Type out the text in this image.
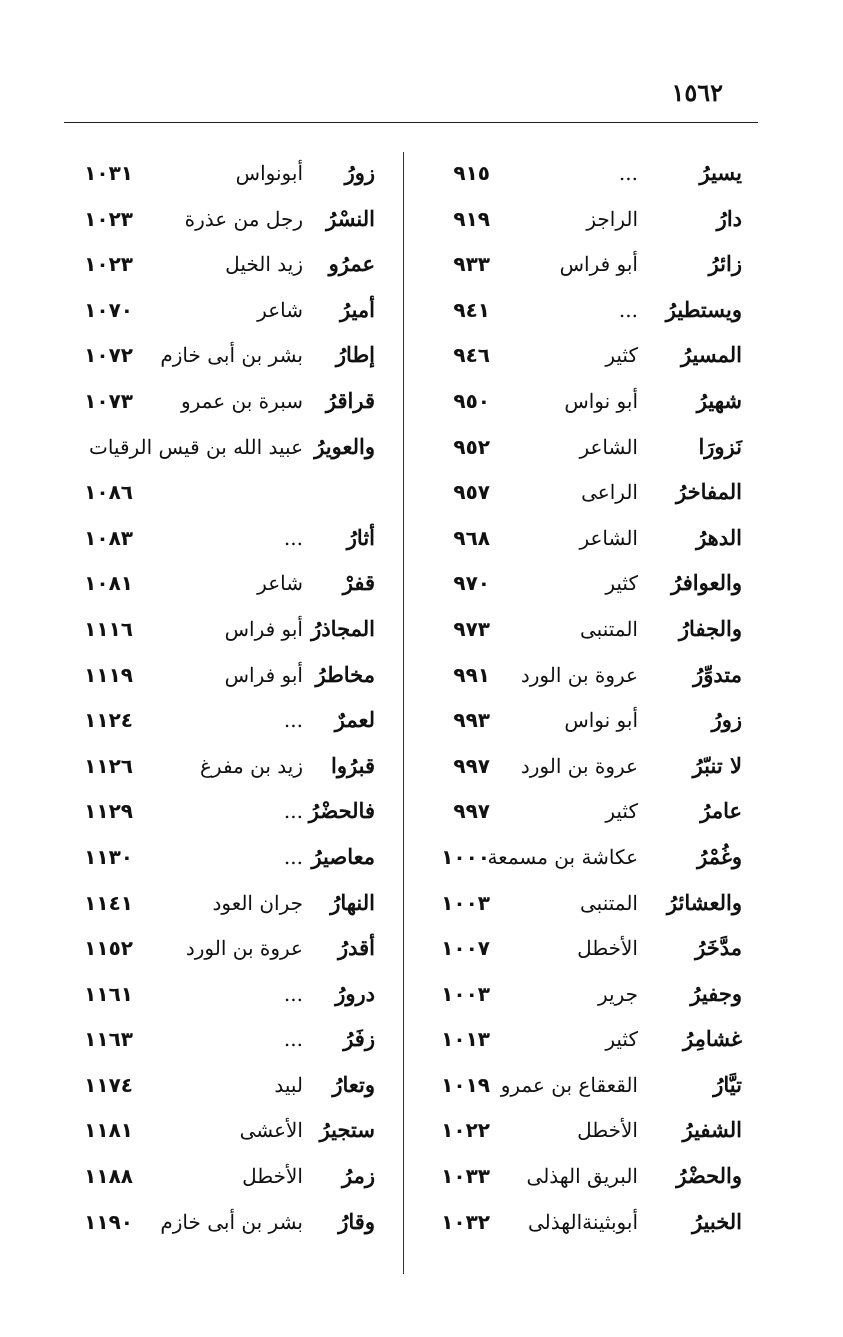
١٥٦٢
يسيرُ
...
٩١٥
دارُ
الراجز
٩١٩
زائرُ
أبو فراس
٩٣٣
ويستطيرُ
...
٩٤١
المسيرُ
كثير
٩٤٦
شهيرُ
أبو نواس
٩٥٠
نَزورَا
الشاعر
٩٥٢
المفاخرُ
الراعى
٩٥٧
الدهرُ
الشاعر
٩٦٨
والعوافرُ
كثير
٩٧٠
والجفارُ
المتنبى
٩٧٣
متدوِّرُ
عروة بن الورد
٩٩١
زورُ
أبو نواس
٩٩٣
لا تنبّرُ
عروة بن الورد
٩٩٧
عامرُ
كثير
٩٩٧
وغُمْرُ
عكاشة بن مسمعة
١٠٠٠
والعشائرُ
المتنبى
١٠٠٣
مدَّخَرُ
الأخطل
١٠٠٧
وجفيرُ
جرير
١٠٠٣
غشامِرُ
كثير
١٠١٣
تيَّارُ
القعقاع بن عمرو
١٠١٩
الشفيرُ
الأخطل
١٠٢٢
والحضْرُ
البريق الهذلى
١٠٣٣
الخبيرُ
أبوبثينةالهذلى
١٠٣٢
زورُ
أبونواس
١٠٣١
النسْرُ
رجل من عذرة
١٠٢٣
عمرُو
زيد الخيل
١٠٢٣
أميرُ
شاعر
١٠٧٠
إطارُ
بشر بن أبى خازم
١٠٧٢
قراقرُ
سبرة بن عمرو
١٠٧٣
والعويرُ
عبيد الله بن قيس الرقيات
١٠٨٦
أثارُ
...
١٠٨٣
قفرْ
شاعر
١٠٨١
المجاذرُ
أبو فراس
١١١٦
مخاطرُ
أبو فراس
١١١٩
لعمرٌ
...
١١٢٤
قبرُوا
زيد بن مفرغ
١١٢٦
فالحضْرُ
...
١١٢٩
معاصيرُ
...
١١٣٠
النهارُ
جران العود
١١٤١
أقدرُ
عروة بن الورد
١١٥٢
درورُ
...
١١٦١
زفَرُ
...
١١٦٣
وتعارُ
لبيد
١١٧٤
ستجيرُ
الأعشى
١١٨١
زمرُ
الأخطل
١١٨٨
وقارُ
بشر بن أبى خازم
١١٩٠
